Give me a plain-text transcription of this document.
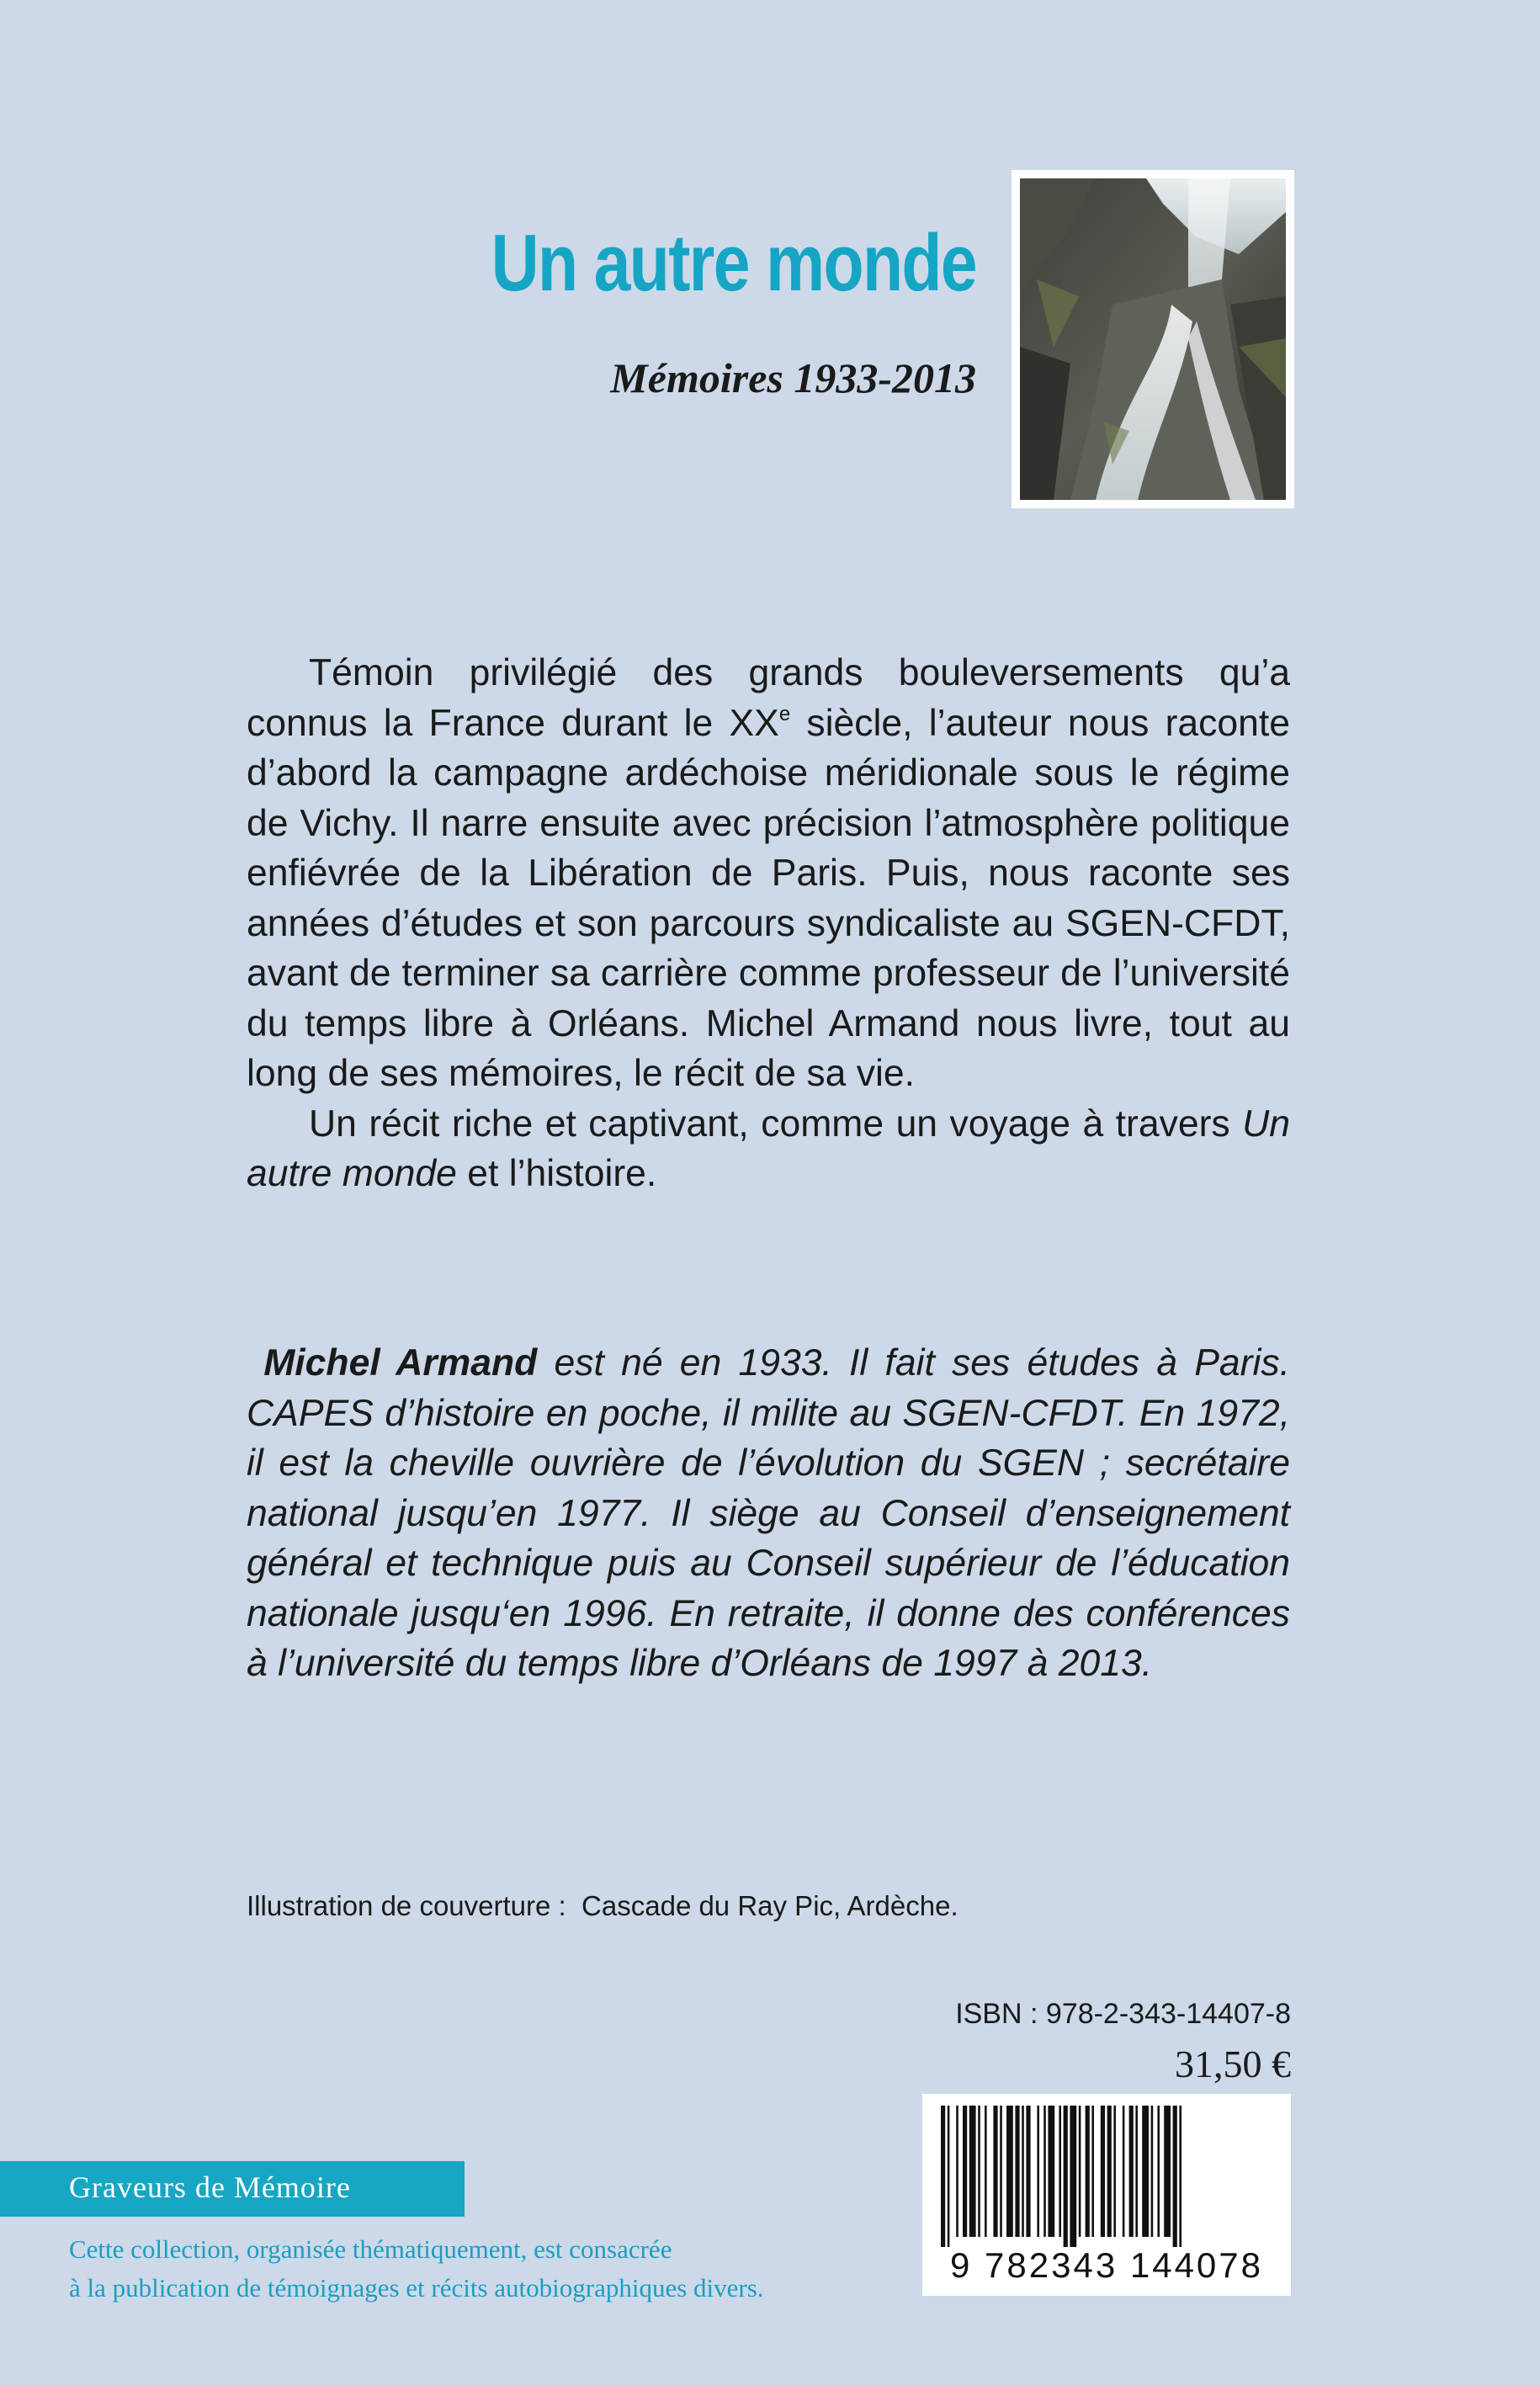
Un autre monde
Mémoires 1933-2013

Témoin privilégié des grands bouleversements qu’a connus la France durant le XXe siècle, l’auteur nous raconte d’abord la campagne ardéchoise méridionale sous le régime de Vichy. Il narre ensuite avec précision l’atmosphère politique enfiévrée de la Libération de Paris. Puis, nous raconte ses années d’études et son parcours syndicaliste au SGEN-CFDT, avant de terminer sa carrière comme professeur de l’université du temps libre à Orléans. Michel Armand nous livre, tout au long de ses mémoires, le récit de sa vie.

Un récit riche et captivant, comme un voyage à travers Un autre monde et l’histoire.

Michel Armand est né en 1933. Il fait ses études à Paris. CAPES d’histoire en poche, il milite au SGEN-CFDT. En 1972, il est la cheville ouvrière de l’évolution du SGEN ; secrétaire national jusqu’en 1977. Il siège au Conseil d’enseignement général et technique puis au Conseil supérieur de l’éducation nationale jusqu‘en 1996. En retraite, il donne des conférences à l’université du temps libre d’Orléans de 1997 à 2013.

Illustration de couverture : Cascade du Ray Pic, Ardèche.
ISBN : 978-2-343-14407-8
31,50 €
9 782343 144078
Graveurs de Mémoire
Cette collection, organisée thématiquement, est consacrée
à la publication de témoignages et récits autobiographiques divers.
